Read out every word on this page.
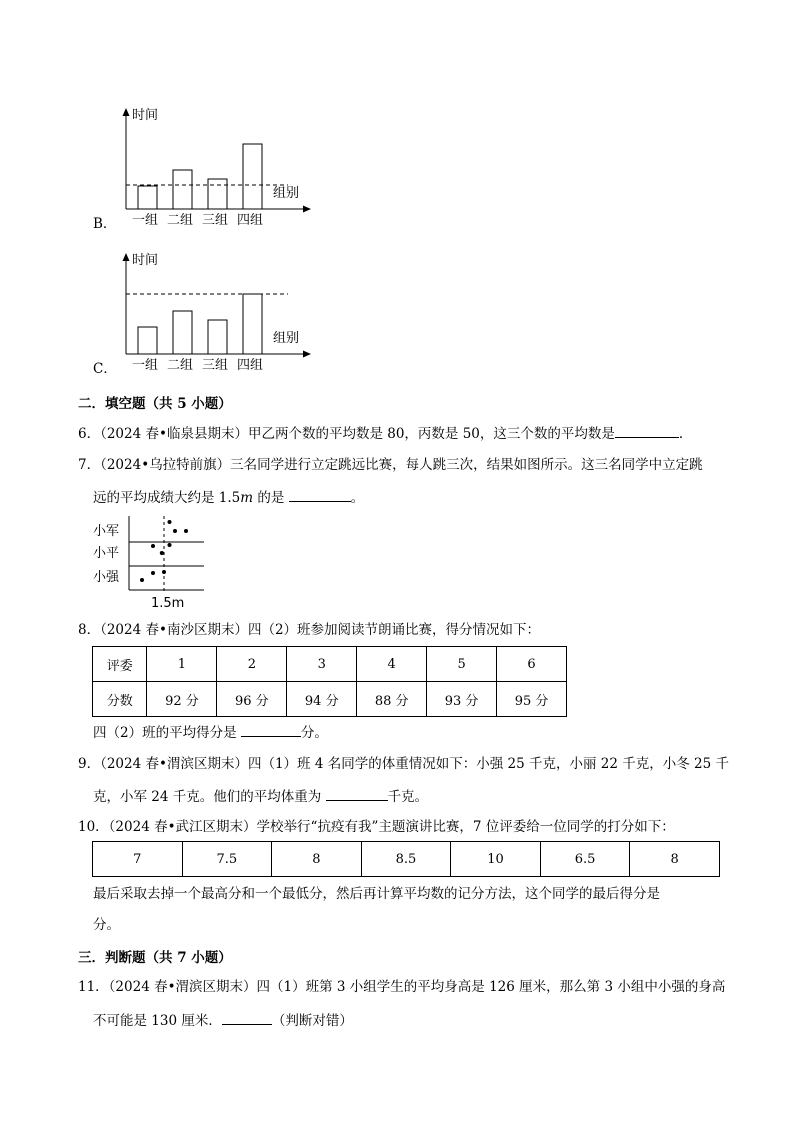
一组 二组 三组 四组
时间
组别
B．
一组 二组 三组 四组
时间
组别
C．
二．填空题（共 5 小题）
6．（2024 春•临泉县期末）甲乙两个数的平均数是 80，丙数是 50，这三个数的平均数是	．
7．（2024•乌拉特前旗）三名同学进行立定跳远比赛，每人跳三次，结果如图所示。这三名同学中立定跳
远的平均成绩大约是 1.5m 的是	。
小军
小平
小强
1.5m
8．（2024 春•南沙区期末）四（2）班参加阅读节朗诵比赛，得分情况如下：
评委	1	2	3	4	5	6
分数	92 分	96 分	94 分	88 分	93 分	95 分
四（2）班的平均得分是	分。
9．（2024 春•渭滨区期末）四（1）班 4 名同学的体重情况如下：小强 25 千克，小丽 22 千克，小冬 25 千
克，小军 24 千克。他们的平均体重为	千克。
10．（2024 春•武江区期末）学校举行“抗疫有我”主题演讲比赛，7 位评委给一位同学的打分如下：
7	7.5	8	8.5	10	6.5	8
最后采取去掉一个最高分和一个最低分，然后再计算平均数的记分方法，这个同学的最后得分是
分。
三．判断题（共 7 小题）
11．（2024 春•渭滨区期末）四（1）班第 3 小组学生的平均身高是 126 厘米，那么第 3 小组中小强的身高
不可能是 130 厘米．	（判断对错）
